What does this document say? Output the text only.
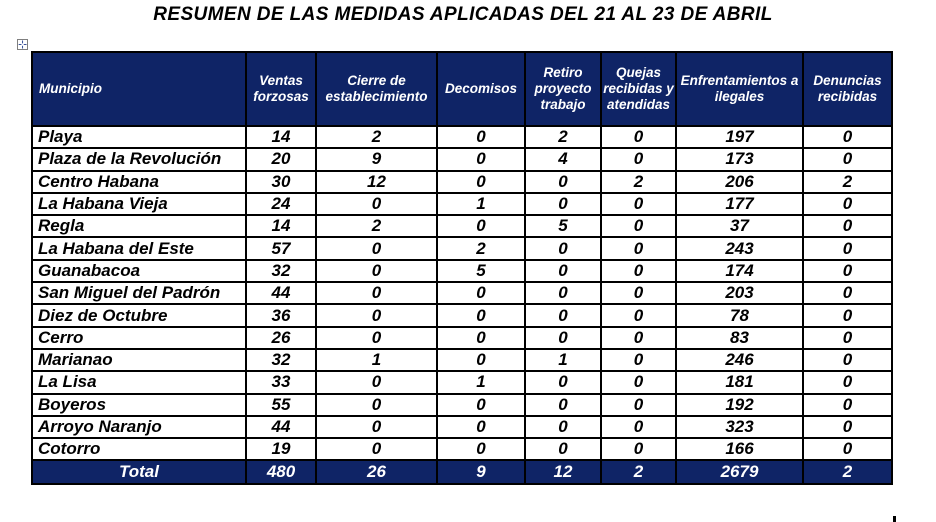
RESUMEN DE LAS MEDIDAS APLICADAS DEL 21 AL 23 DE ABRIL
⊹
Municipio	Ventas forzosas	Cierre de establecimiento	Decomisos	Retiro proyecto trabajo	Quejas recibidas y atendidas	Enfrentamientos a ilegales	Denuncias recibidas
Playa	14	2	0	2	0	197	0
Plaza de la Revolución	20	9	0	4	0	173	0
Centro Habana	30	12	0	0	2	206	2
La Habana Vieja	24	0	1	0	0	177	0
Regla	14	2	0	5	0	37	0
La Habana del Este	57	0	2	0	0	243	0
Guanabacoa	32	0	5	0	0	174	0
San Miguel del Padrón	44	0	0	0	0	203	0
Diez de Octubre	36	0	0	0	0	78	0
Cerro	26	0	0	0	0	83	0
Marianao	32	1	0	1	0	246	0
La Lisa	33	0	1	0	0	181	0
Boyeros	55	0	0	0	0	192	0
Arroyo Naranjo	44	0	0	0	0	323	0
Cotorro	19	0	0	0	0	166	0
Total	480	26	9	12	2	2679	2
